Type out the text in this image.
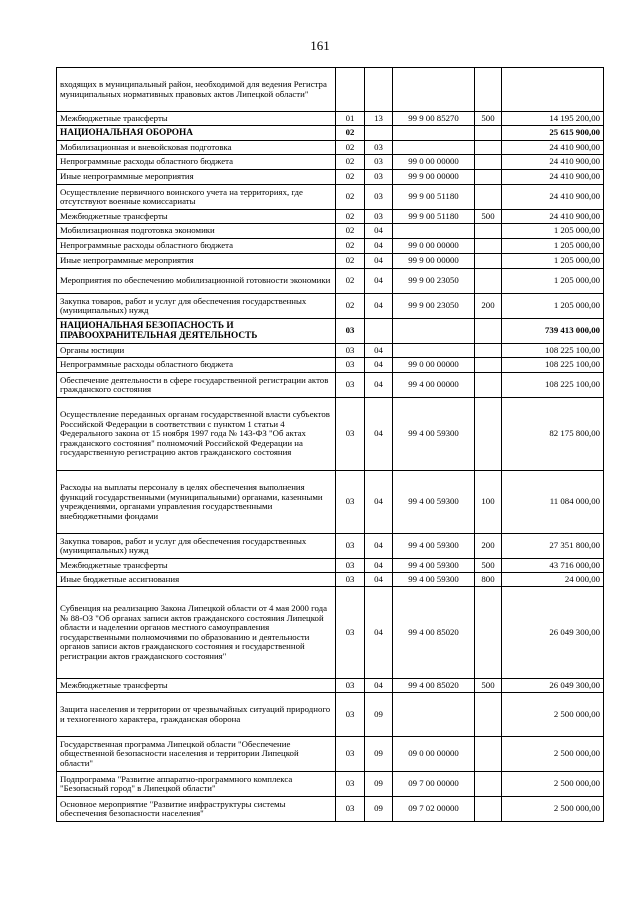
161
входящих в муниципальный район, необходимой для ведения Регистра муниципальных нормативных правовых актов Липецкой области"					
Межбюджетные трансферты	01	13	99 9 00 85270	500	14 195 200,00
НАЦИОНАЛЬНАЯ ОБОРОНА	02				25 615 900,00
Мобилизационная и вневойсковая подготовка	02	03			24 410 900,00
Непрограммные расходы областного бюджета	02	03	99 0 00 00000		24 410 900,00
Иные непрограммные мероприятия	02	03	99 9 00 00000		24 410 900,00
Осуществление первичного воинского учета на территориях, где отсутствуют военные комиссариаты	02	03	99 9 00 51180		24 410 900,00
Межбюджетные трансферты	02	03	99 9 00 51180	500	24 410 900,00
Мобилизационная подготовка экономики	02	04			1 205 000,00
Непрограммные расходы областного бюджета	02	04	99 0 00 00000		1 205 000,00
Иные непрограммные мероприятия	02	04	99 9 00 00000		1 205 000,00
Мероприятия по обеспечению мобилизационной готовности экономики	02	04	99 9 00 23050		1 205 000,00
Закупка товаров, работ и услуг для обеспечения государственных (муниципальных) нужд	02	04	99 9 00 23050	200	1 205 000,00
НАЦИОНАЛЬНАЯ БЕЗОПАСНОСТЬ И ПРАВООХРАНИТЕЛЬНАЯ ДЕЯТЕЛЬНОСТЬ	03				739 413 000,00
Органы юстиции	03	04			108 225 100,00
Непрограммные расходы областного бюджета	03	04	99 0 00 00000		108 225 100,00
Обеспечение деятельности в сфере государственной регистрации актов гражданского состояния	03	04	99 4 00 00000		108 225 100,00
Осуществление переданных органам государственной власти субъектов Российской Федерации в соответствии с пунктом 1 статьи 4 Федерального закона от 15 ноября 1997 года № 143-ФЗ "Об актах гражданского состояния" полномочий Российской Федерации на государственную регистрацию актов гражданского состояния	03	04	99 4 00 59300		82 175 800,00
Расходы на выплаты персоналу в целях обеспечения выполнения функций государственными (муниципальными) органами, казенными учреждениями, органами управления государственными внебюджетными фондами	03	04	99 4 00 59300	100	11 084 000,00
Закупка товаров, работ и услуг для обеспечения государственных (муниципальных) нужд	03	04	99 4 00 59300	200	27 351 800,00
Межбюджетные трансферты	03	04	99 4 00 59300	500	43 716 000,00
Иные бюджетные ассигнования	03	04	99 4 00 59300	800	24 000,00
Субвенция на реализацию Закона Липецкой области от 4 мая 2000 года № 88-ОЗ "Об органах записи актов гражданского состояния Липецкой области и наделении органов местного самоуправления государственными полномочиями по образованию и деятельности органов записи актов гражданского состояния и государственной регистрации актов гражданского состояния"	03	04	99 4 00 85020		26 049 300,00
Межбюджетные трансферты	03	04	99 4 00 85020	500	26 049 300,00
Защита населения и территории от чрезвычайных ситуаций природного и техногенного характера, гражданская оборона	03	09			2 500 000,00
Государственная программа Липецкой области "Обеспечение общественной безопасности населения и территории Липецкой области"	03	09	09 0 00 00000		2 500 000,00
Подпрограмма "Развитие аппаратно-программного комплекса "Безопасный город" в Липецкой области"	03	09	09 7 00 00000		2 500 000,00
Основное мероприятие "Развитие инфраструктуры системы обеспечения безопасности населения"	03	09	09 7 02 00000		2 500 000,00
